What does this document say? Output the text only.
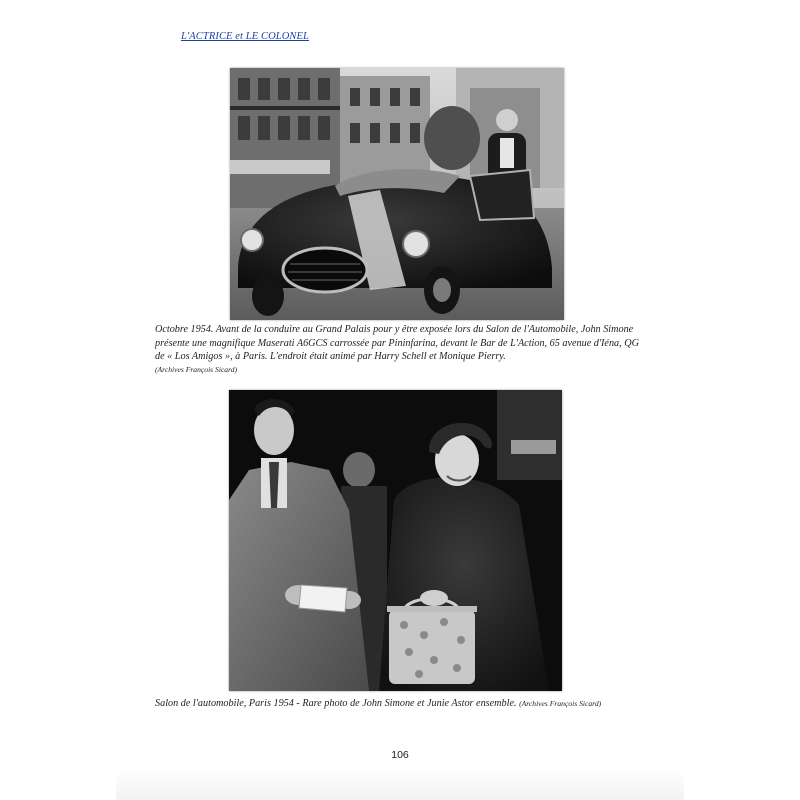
L'ACTRICE et LE COLONEL
Octobre 1954. Avant de la conduire au Grand Palais pour y être exposée lors du Salon de l'Automobile, John Simone présente une magnifique Maserati A6GCS carrossée par Pininfarina, devant le Bar de L'Action, 65 avenue d'Iéna, QG de « Los Amigos », à Paris. L'endroit était animé par Harry Schell et Monique Pierry.
(Archives François Sicard)
Salon de l'automobile, Paris 1954 - Rare photo de John Simone et Junie Astor ensemble. (Archives François Sicard)
106
